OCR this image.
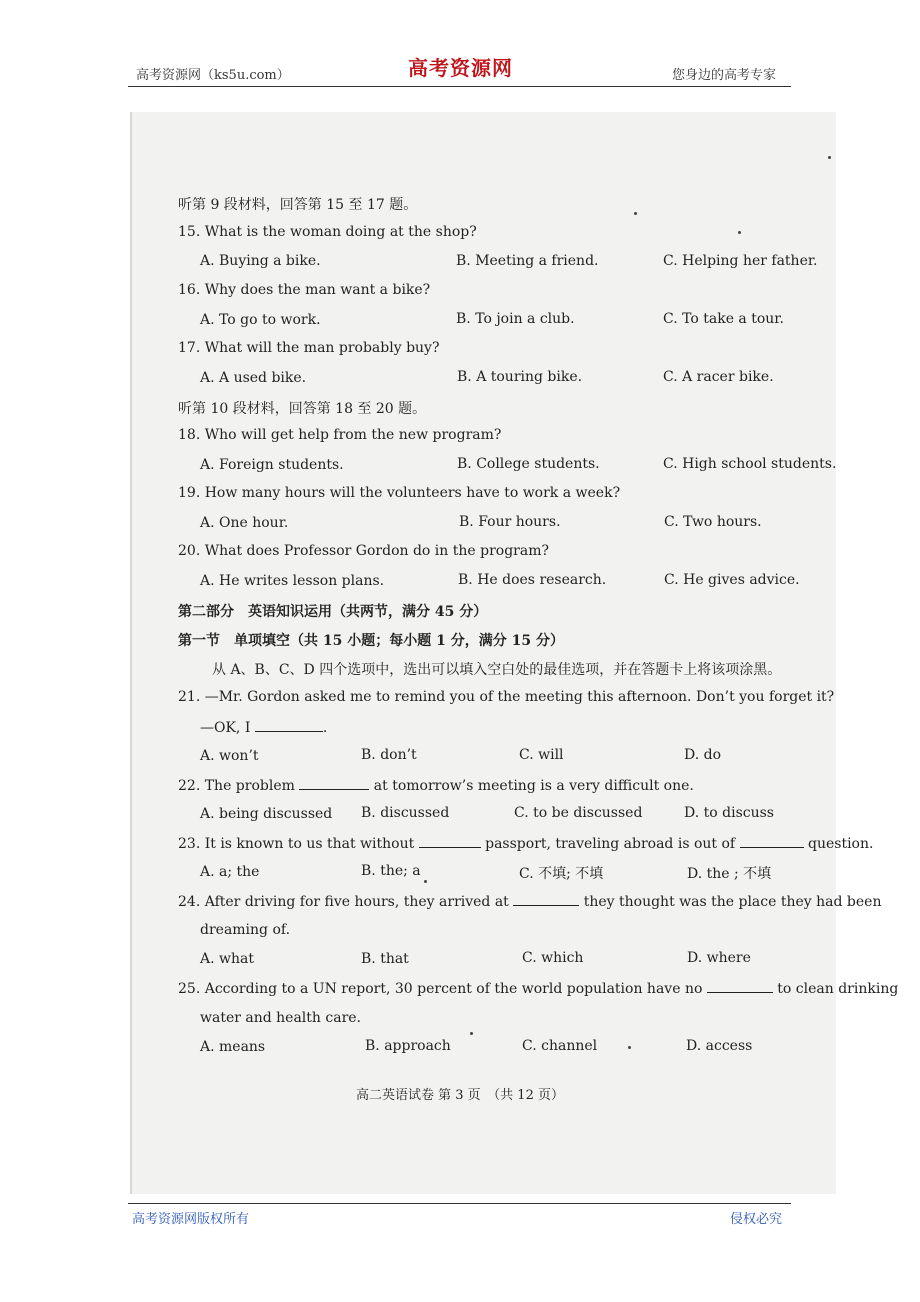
高考资源网（ks5u.com）	高考资源网	您身边的高考专家
听第 9 段材料，回答第 15 至 17 题。
15. What is the woman doing at the shop?
A. Buying a bike.	B. Meeting a friend.	C. Helping her father.
16. Why does the man want a bike?
A. To go to work.	B. To join a club.	C. To take a tour.
17. What will the man probably buy?
A. A used bike.	B. A touring bike.	C. A racer bike.
听第 10 段材料，回答第 18 至 20 题。
18. Who will get help from the new program?
A. Foreign students.	B. College students.	C. High school students.
19. How many hours will the volunteers have to work a week?
A. One hour.	B. Four hours.	C. Two hours.
20. What does Professor Gordon do in the program?
A. He writes lesson plans.	B. He does research.	C. He gives advice.
第二部分　英语知识运用（共两节，满分 45 分）
第一节　单项填空（共 15 小题；每小题 1 分，满分 15 分）
从 A、B、C、D 四个选项中，选出可以填入空白处的最佳选项，并在答题卡上将该项涂黑。
21. —Mr. Gordon asked me to remind you of the meeting this afternoon. Don’t you forget it?
—OK, I	.
A. won’t	B. don’t	C. will	D. do
22. The problem	at tomorrow’s meeting is a very difficult one.
A. being discussed B. discussed	C. to be discussed	D. to discuss
23. It is known to us that without	passport, traveling abroad is out of	question.
A. a; the	B. the; a	C. 不填; 不填	D. the ; 不填
24. After driving for five hours, they arrived at	they thought was the place they had been
dreaming of.
A. what	B. that	C. which	D. where
25. According to a UN report, 30 percent of the world population have no	to clean drinking
water and health care.
A. means	B. approach	C. channel	D. access
高二英语试卷 第 3 页　（共 12 页）
高考资源网版权所有	侵权必究
